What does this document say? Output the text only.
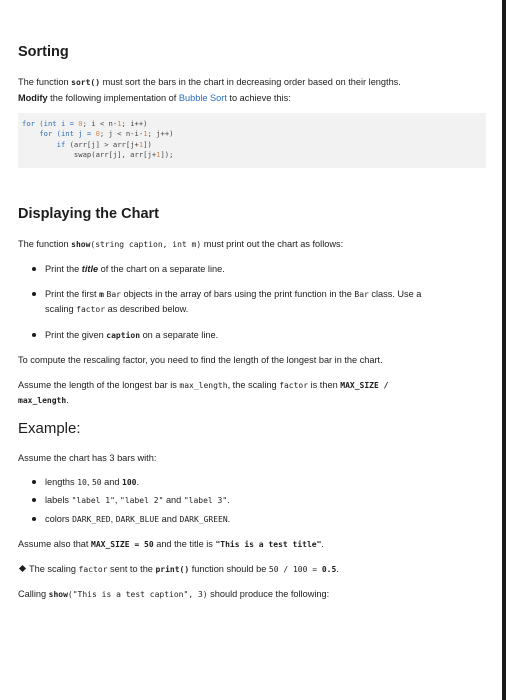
Sorting

The function sort() must sort the bars in the chart in decreasing order based on their lengths.

Modify the following implementation of Bubble Sort to achieve this:

for (int i = 0; i < n-1; i++)
for (int j = 0; j < n-i-1; j++)
if (arr[j] > arr[j+1])
swap(arr[j], arr[j+1]);
Displaying the Chart

The function show(string caption, int m) must print out the chart as follows:

Print the title of the chart on a separate line.
Print the first m Bar objects in the array of bars using the print function in the Bar class. Use a
scaling factor as described below.
Print the given caption on a separate line.

To compute the rescaling factor, you need to find the length of the longest bar in the chart.

Assume the length of the longest bar is max_length, the scaling factor is then MAX_SIZE /
max_length.

Example:

Assume the chart has 3 bars with:

lengths 10, 50 and 100.
labels "label 1", "label 2" and "label 3".
colors DARK_RED, DARK_BLUE and DARK_GREEN.

Assume also that MAX_SIZE = 50 and the title is "This is a test title".

The scaling factor sent to the print() function should be 50 / 100 = 0.5.

Calling show("This is a test caption", 3) should produce the following:
